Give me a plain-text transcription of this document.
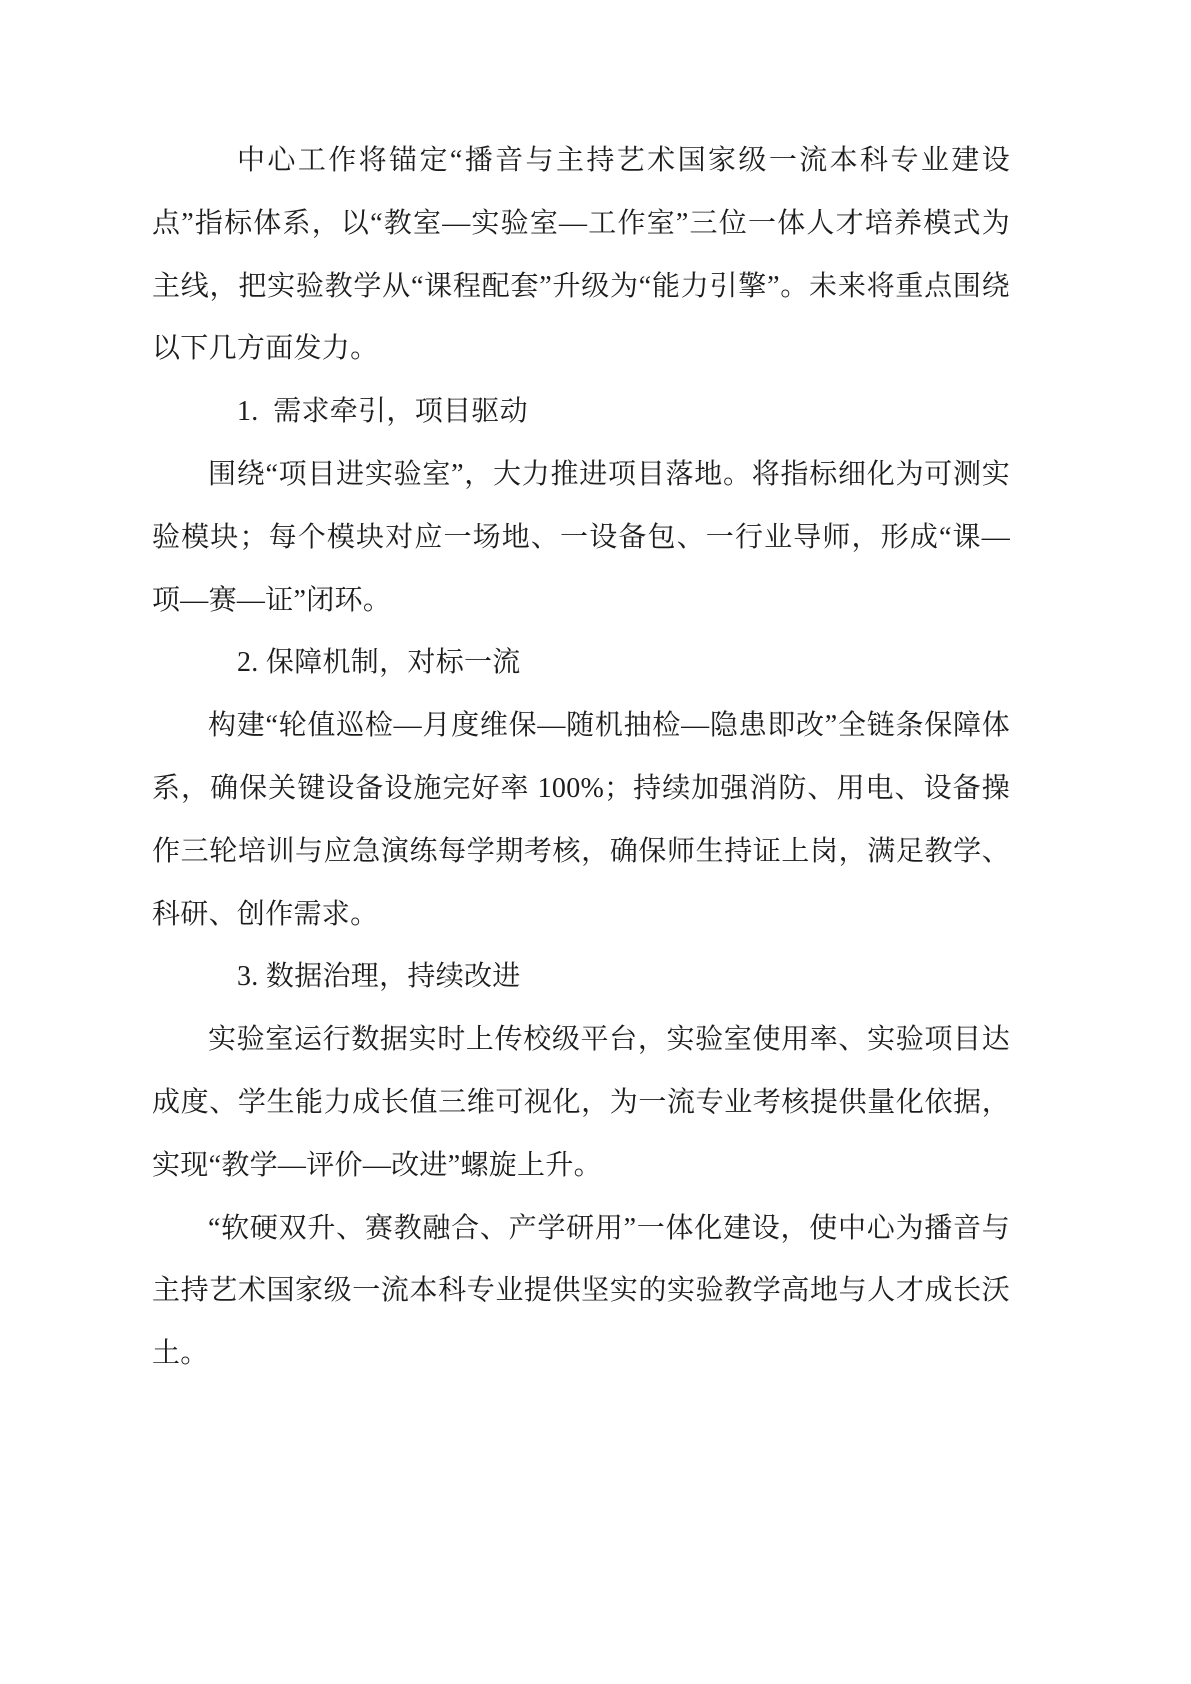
中心工作将锚定“播音与主持艺术国家级一流本科专业建设点”指标体系，以“教室—实验室—工作室”三位一体人才培养模式为主线，把实验教学从“课程配套”升级为“能力引擎”。未来将重点围绕以下几方面发力。

1.  需求牵引，项目驱动

围绕“项目进实验室”，大力推进项目落地。将指标细化为可测实验模块；每个模块对应一场地、一设备包、一行业导师，形成“课—项—赛—证”闭环。

2. 保障机制，对标一流

构建“轮值巡检—月度维保—随机抽检—隐患即改”全链条保障体系，确保关键设备设施完好率 100%；持续加强消防、用电、设备操作三轮培训与应急演练每学期考核，确保师生持证上岗，满足教学、科研、创作需求。

3. 数据治理，持续改进

实验室运行数据实时上传校级平台，实验室使用率、实验项目达成度、学生能力成长值三维可视化，为一流专业考核提供量化依据，实现“教学—评价—改进”螺旋上升。

“软硬双升、赛教融合、产学研用”一体化建设，使中心为播音与主持艺术国家级一流本科专业提供坚实的实验教学高地与人才成长沃土。
